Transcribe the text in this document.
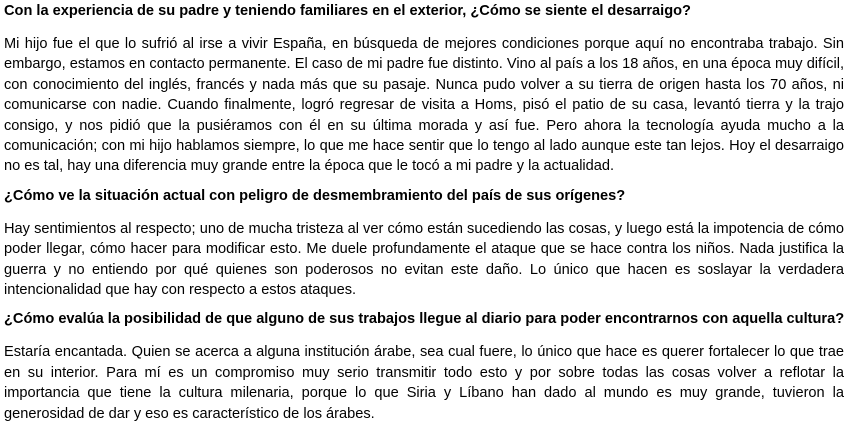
Con la experiencia de su padre y teniendo familiares en el exterior, ¿Cómo se siente el desarraigo?

Mi hijo fue el que lo sufrió al irse a vivir España, en búsqueda de mejores condiciones porque aquí no encontraba trabajo. Sin embargo, estamos en contacto permanente. El caso de mi padre fue distinto. Vino al país a los 18 años, en una época muy difícil, con conocimiento del inglés, francés y nada más que su pasaje. Nunca pudo volver a su tierra de origen hasta los 70 años, ni comunicarse con nadie. Cuando finalmente, logró regresar de visita a Homs, pisó el patio de su casa, levantó tierra y la trajo consigo, y nos pidió que la pusiéramos con él en su última morada y así fue. Pero ahora la tecnología ayuda mucho a la comunicación; con mi hijo hablamos siempre, lo que me hace sentir que lo tengo al lado aunque este tan lejos. Hoy el desarraigo no es tal, hay una diferencia muy grande entre la época que le tocó a mi padre y la actualidad.

¿Cómo ve la situación actual con peligro de desmembramiento del país de sus orígenes?

Hay sentimientos al respecto; uno de mucha tristeza al ver cómo están sucediendo las cosas, y luego está la impotencia de cómo poder llegar, cómo hacer para modificar esto. Me duele profundamente el ataque que se hace contra los niños. Nada justifica la guerra y no entiendo por qué quienes son poderosos no evitan este daño. Lo único que hacen es soslayar la verdadera intencionalidad que hay con respecto a estos ataques.

¿Cómo evalúa la posibilidad de que alguno de sus trabajos llegue al diario para poder encontrarnos con aquella cultura?

Estaría encantada. Quien se acerca a alguna institución árabe, sea cual fuere, lo único que hace es querer fortalecer lo que trae en su interior. Para mí es un compromiso muy serio transmitir todo esto y por sobre todas las cosas volver a reflotar la importancia que tiene la cultura milenaria, porque lo que Siria y Líbano han dado al mundo es muy grande, tuvieron la generosidad de dar y eso es característico de los árabes.
